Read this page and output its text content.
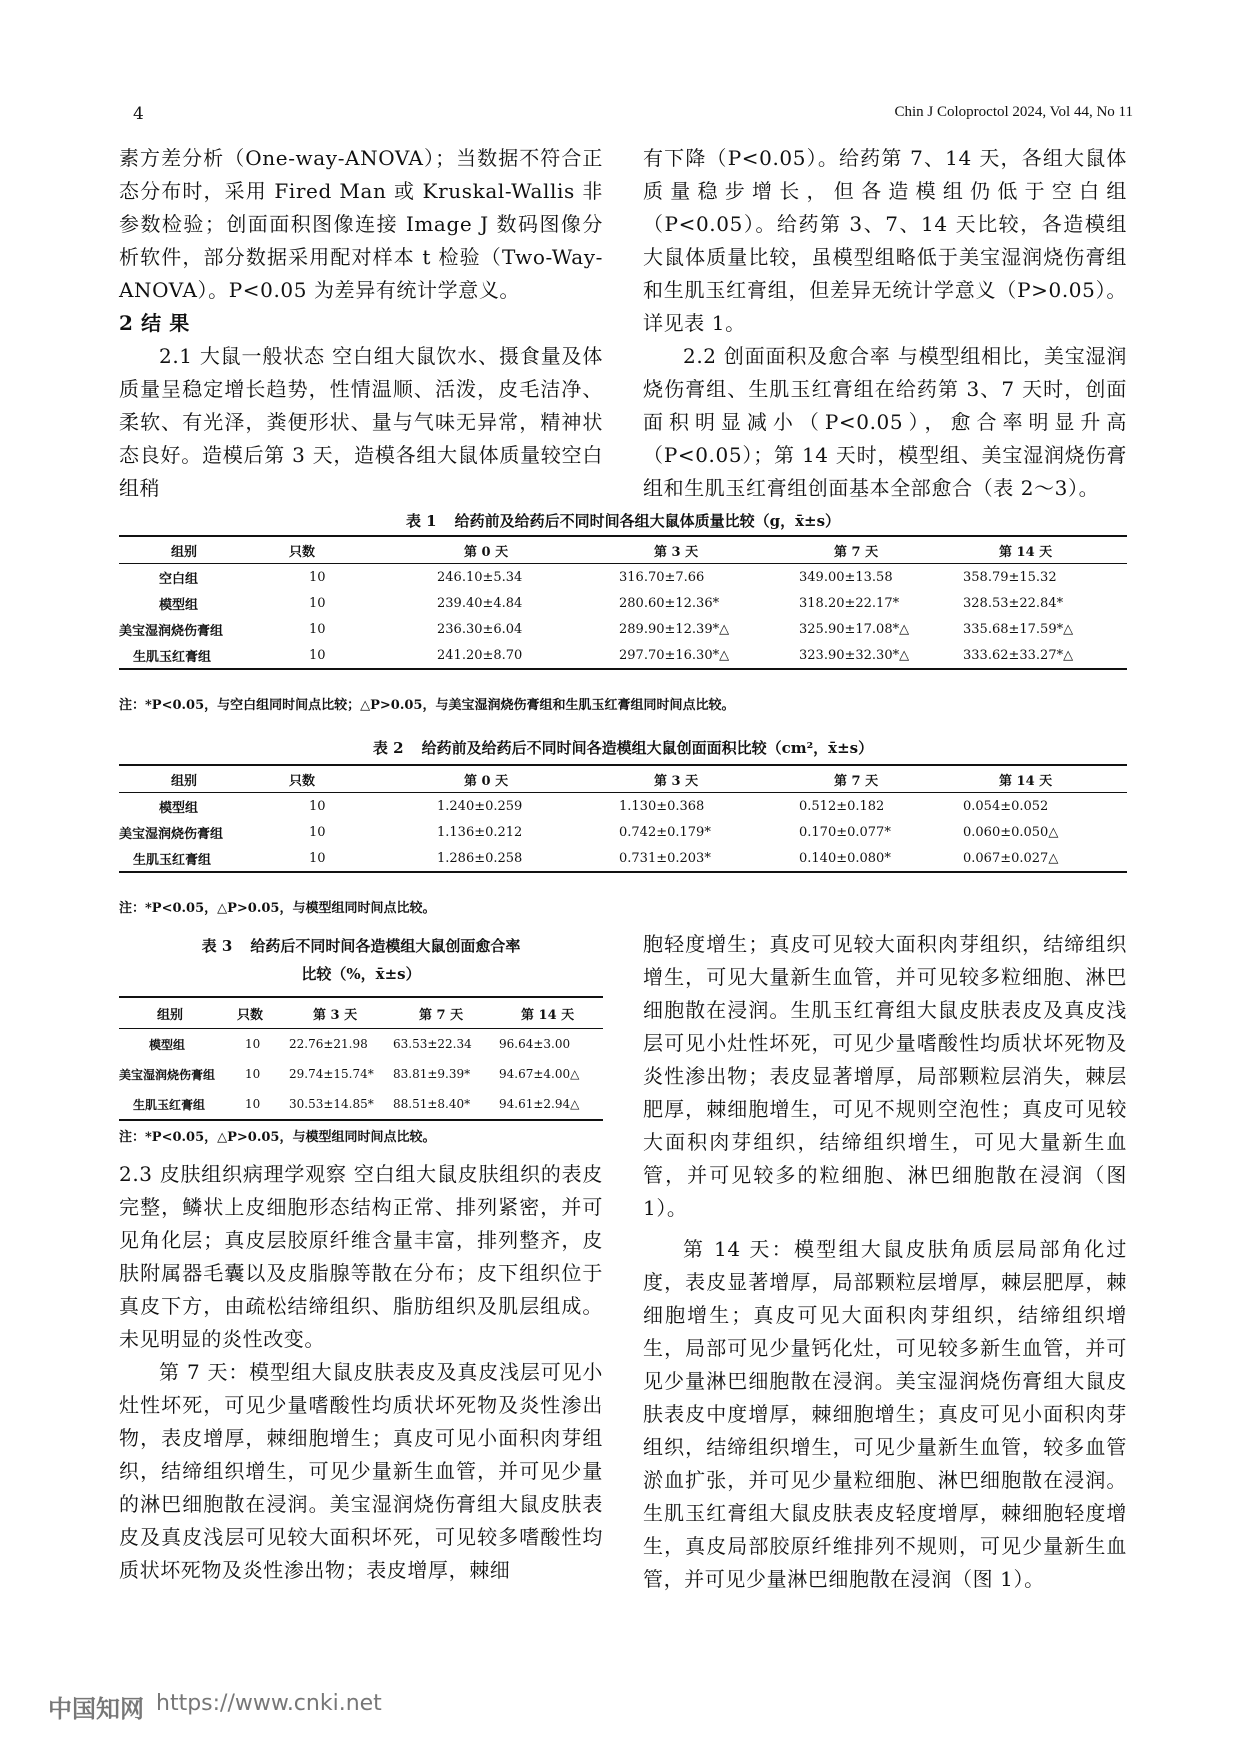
4	Chin J Coloproctol 2024, Vol 44, No 11

素方差分析（One-way-ANOVA）；当数据不符合正态分布时，采用 Fired Man 或 Kruskal-Wallis 非参数检验；创面面积图像连接 Image J 数码图像分析软件，部分数据采用配对样本 t 检验（Two-Way-ANOVA）。P<0.05 为差异有统计学意义。

2 结 果

2.1 大鼠一般状态 空白组大鼠饮水、摄食量及体质量呈稳定增长趋势，性情温顺、活泼，皮毛洁净、柔软、有光泽，粪便形状、量与气味无异常，精神状态良好。造模后第 3 天，造模各组大鼠体质量较空白组稍

有下降（P<0.05）。给药第 7、14 天，各组大鼠体质量稳步增长，但各造模组仍低于空白组（P<0.05）。给药第 3、7、14 天比较，各造模组大鼠体质量比较，虽模型组略低于美宝湿润烧伤膏组和生肌玉红膏组，但差异无统计学意义（P>0.05）。详见表 1。

2.2 创面面积及愈合率 与模型组相比，美宝湿润烧伤膏组、生肌玉红膏组在给药第 3、7 天时，创面面积明显减小（P<0.05），愈合率明显升高（P<0.05）；第 14 天时，模型组、美宝湿润烧伤膏组和生肌玉红膏组创面基本全部愈合（表 2～3）。

表 1 给药前及给药后不同时间各组大鼠体质量比较（g，x̄±s）
组别	只数	第 0 天	第 3 天	第 7 天	第 14 天
空白组	10	246.10±5.34	316.70±7.66	349.00±13.58	358.79±15.32
模型组	10	239.40±4.84	280.60±12.36*	318.20±22.17*	328.53±22.84*
美宝湿润烧伤膏组	10	236.30±6.04	289.90±12.39*△	325.90±17.08*△	335.68±17.59*△
生肌玉红膏组	10	241.20±8.70	297.70±16.30*△	323.90±32.30*△	333.62±33.27*△
注：*P<0.05，与空白组同时间点比较；△P>0.05，与美宝湿润烧伤膏组和生肌玉红膏组同时间点比较。
表 2 给药前及给药后不同时间各造模组大鼠创面面积比较（cm²，x̄±s）
组别	只数	第 0 天	第 3 天	第 7 天	第 14 天
模型组	10	1.240±0.259	1.130±0.368	0.512±0.182	0.054±0.052
美宝湿润烧伤膏组	10	1.136±0.212	0.742±0.179*	0.170±0.077*	0.060±0.050△
生肌玉红膏组	10	1.286±0.258	0.731±0.203*	0.140±0.080*	0.067±0.027△
注：*P<0.05，△P>0.05，与模型组同时间点比较。
表 3 给药后不同时间各造模组大鼠创面愈合率
比较（%，x̄±s）
组别	只数	第 3 天	第 7 天	第 14 天
模型组	10	22.76±21.98	63.53±22.34	96.64±3.00
美宝湿润烧伤膏组	10	29.74±15.74*	83.81±9.39*	94.67±4.00△
生肌玉红膏组	10	30.53±14.85*	88.51±8.40*	94.61±2.94△
注：*P<0.05，△P>0.05，与模型组同时间点比较。

2.3 皮肤组织病理学观察 空白组大鼠皮肤组织的表皮完整，鳞状上皮细胞形态结构正常、排列紧密，并可见角化层；真皮层胶原纤维含量丰富，排列整齐，皮肤附属器毛囊以及皮脂腺等散在分布；皮下组织位于真皮下方，由疏松结缔组织、脂肪组织及肌层组成。未见明显的炎性改变。

第 7 天：模型组大鼠皮肤表皮及真皮浅层可见小灶性坏死，可见少量嗜酸性均质状坏死物及炎性渗出物，表皮增厚，棘细胞增生；真皮可见小面积肉芽组织，结缔组织增生，可见少量新生血管，并可见少量的淋巴细胞散在浸润。美宝湿润烧伤膏组大鼠皮肤表皮及真皮浅层可见较大面积坏死，可见较多嗜酸性均质状坏死物及炎性渗出物；表皮增厚，棘细

胞轻度增生；真皮可见较大面积肉芽组织，结缔组织增生，可见大量新生血管，并可见较多粒细胞、淋巴细胞散在浸润。生肌玉红膏组大鼠皮肤表皮及真皮浅层可见小灶性坏死，可见少量嗜酸性均质状坏死物及炎性渗出物；表皮显著增厚，局部颗粒层消失，棘层肥厚，棘细胞增生，可见不规则空泡性；真皮可见较大面积肉芽组织，结缔组织增生，可见大量新生血管，并可见较多的粒细胞、淋巴细胞散在浸润（图 1）。

第 14 天：模型组大鼠皮肤角质层局部角化过度，表皮显著增厚，局部颗粒层增厚，棘层肥厚，棘细胞增生；真皮可见大面积肉芽组织，结缔组织增生，局部可见少量钙化灶，可见较多新生血管，并可见少量淋巴细胞散在浸润。美宝湿润烧伤膏组大鼠皮肤表皮中度增厚，棘细胞增生；真皮可见小面积肉芽组织，结缔组织增生，可见少量新生血管，较多血管淤血扩张，并可见少量粒细胞、淋巴细胞散在浸润。生肌玉红膏组大鼠皮肤表皮轻度增厚，棘细胞轻度增生，真皮局部胶原纤维排列不规则，可见少量新生血管，并可见少量淋巴细胞散在浸润（图 1）。

中国知网 https://www.cnki.net
